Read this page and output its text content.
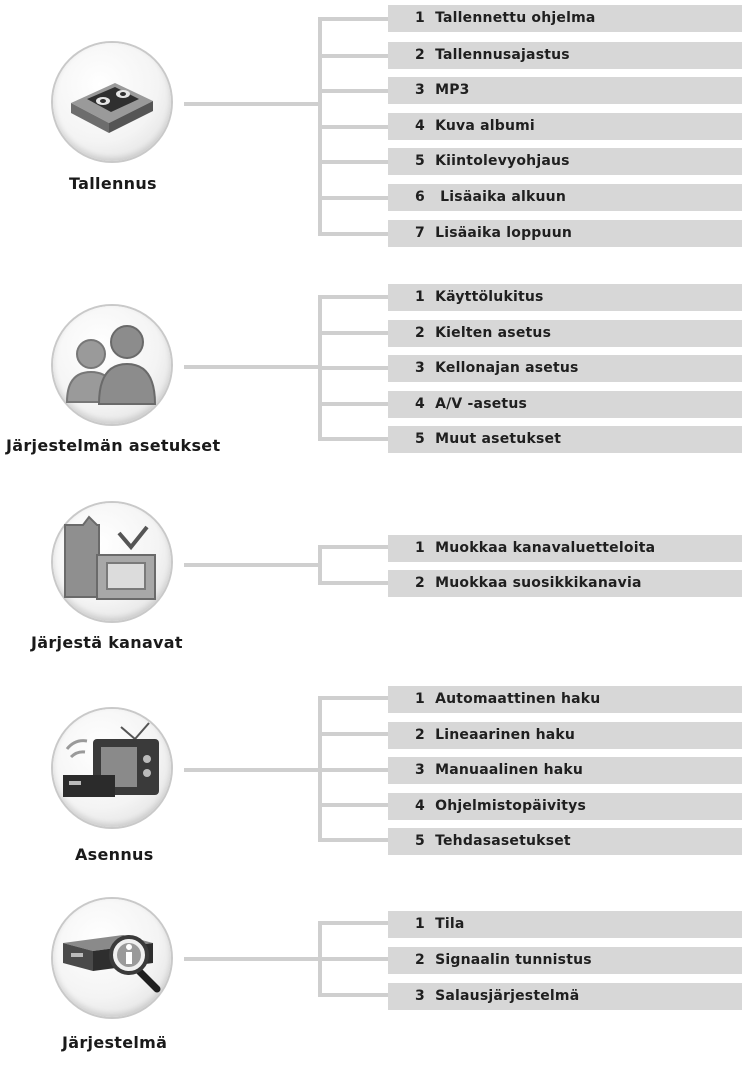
Tallennus
1  Tallennettu ohjelma
2  Tallennusajastus
3  MP3
4  Kuva albumi
5  Kiintolevyohjaus
6   Lisäaika alkuun
7  Lisäaika loppuun
Järjestelmän asetukset
1  Käyttölukitus
2  Kielten asetus
3  Kellonajan asetus
4  A/V -asetus
5  Muut asetukset
Järjestä kanavat
1  Muokkaa kanavaluetteloita
2  Muokkaa suosikkikanavia
Asennus
1  Automaattinen haku
2  Lineaarinen haku
3  Manuaalinen haku
4  Ohjelmistopäivitys
5  Tehdasasetukset
Järjestelmä
1  Tila
2  Signaalin tunnistus
3  Salausjärjestelmä
